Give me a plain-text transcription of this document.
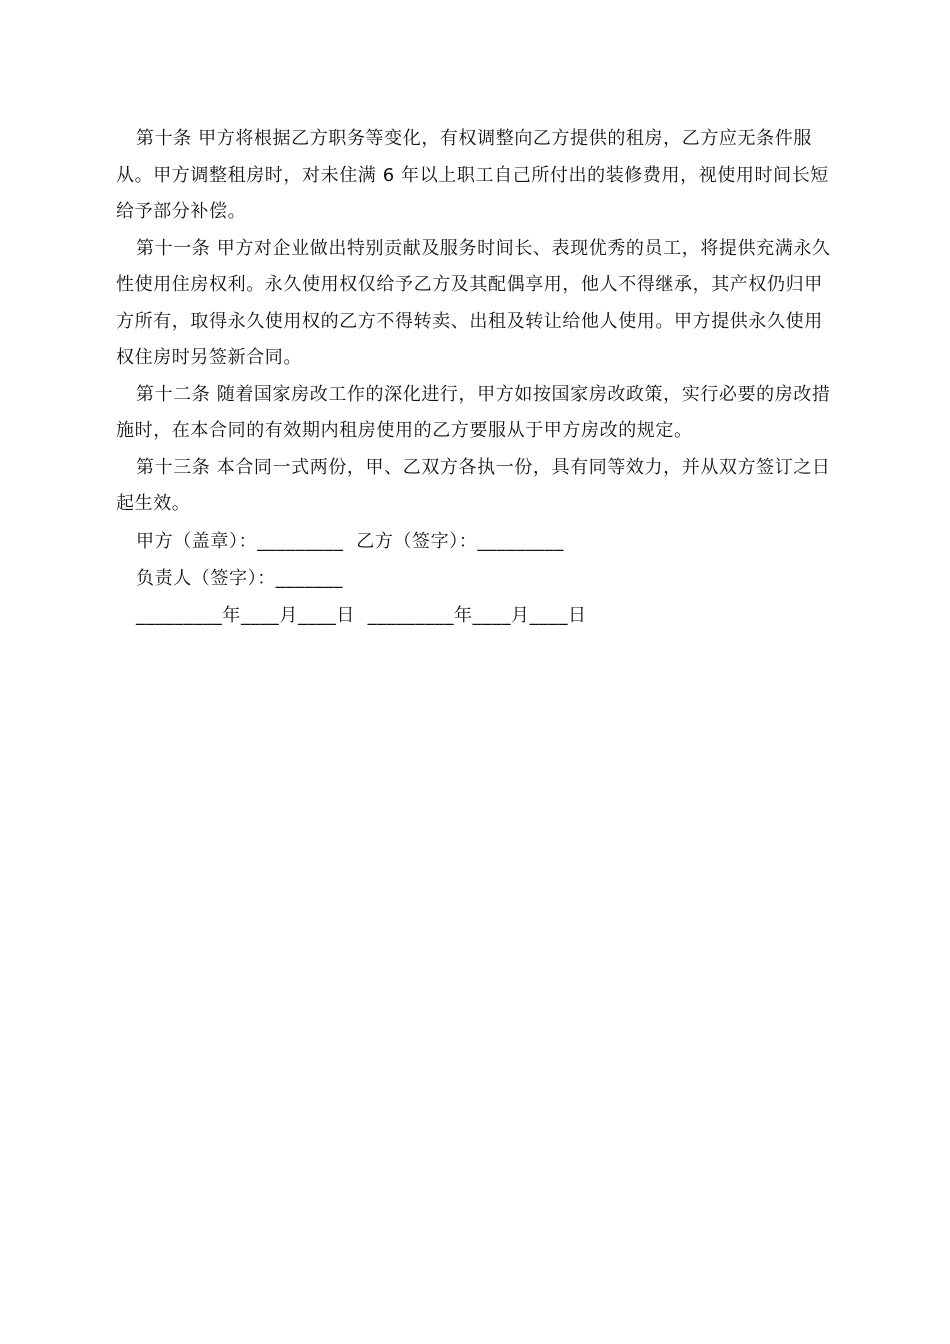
第十条 甲方将根据乙方职务等变化，有权调整向乙方提供的租房，乙方应无条件服从。甲方调整租房时，对未住满 6 年以上职工自己所付出的装修费用，视使用时间长短给予部分补偿。

第十一条 甲方对企业做出特别贡献及服务时间长、表现优秀的员工，将提供充满永久性使用住房权利。永久使用权仅给予乙方及其配偶享用，他人不得继承，其产权仍归甲方所有，取得永久使用权的乙方不得转卖、出租及转让给他人使用。甲方提供永久使用权住房时另签新合同。

第十二条 随着国家房改工作的深化进行，甲方如按国家房改政策，实行必要的房改措施时，在本合同的有效期内租房使用的乙方要服从于甲方房改的规定。

第十三条 本合同一式两份，甲、乙双方各执一份，具有同等效力，并从双方签订之日起生效。

甲方（盖章）：_________  乙方（签字）：_________

负责人（签字）：_______

_________年____月____日  _________年____月____日
